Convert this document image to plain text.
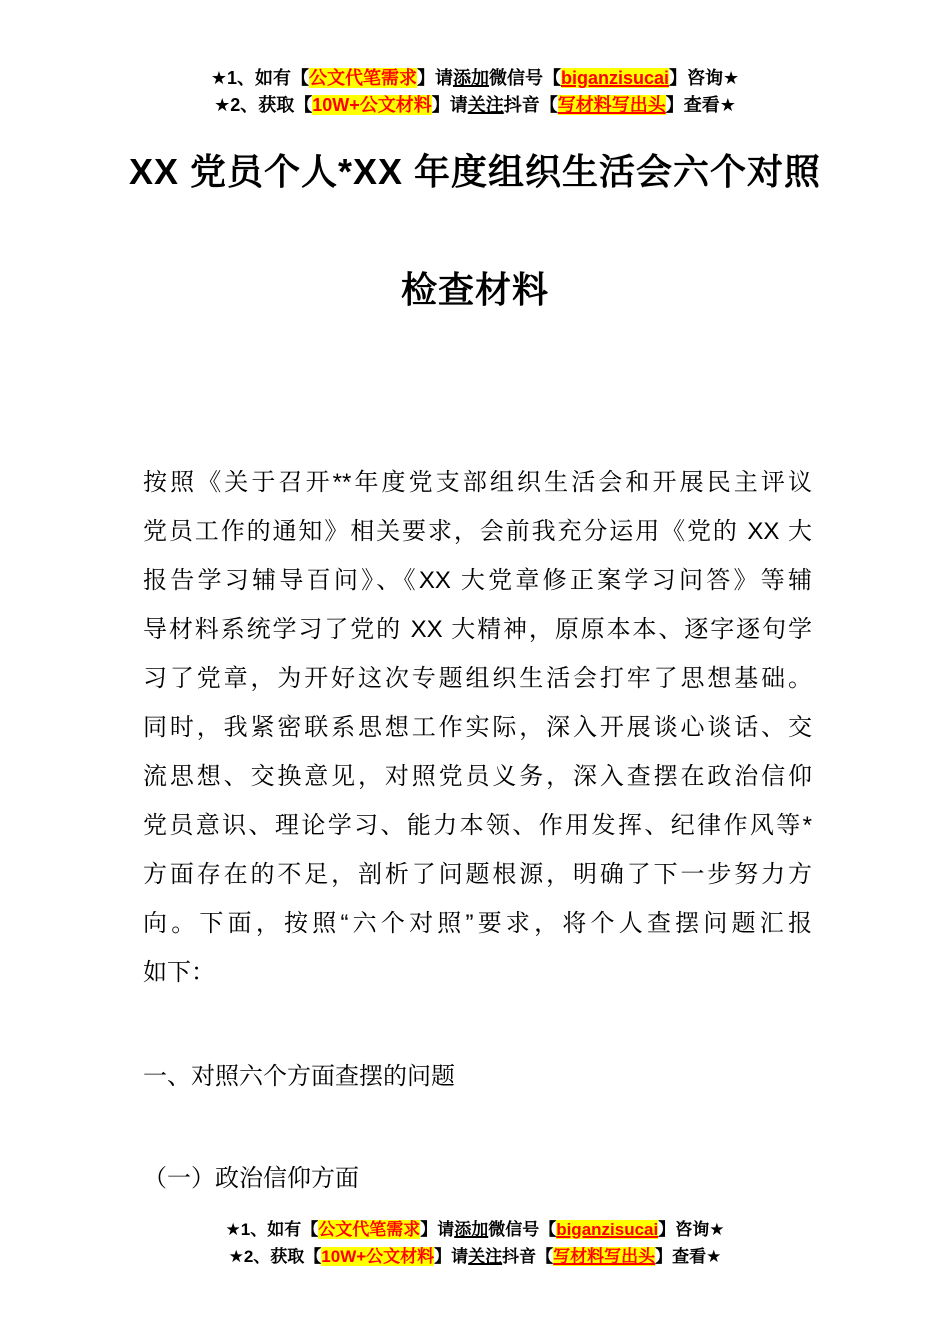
★1、如有【公文代笔需求】请添加微信号【biganzisucai】咨询★
★2、获取【10W+公文材料】请关注抖音【写材料写出头】查看★
XX 党员个人*XX 年度组织生活会六个对照
检查材料
按照《关于召开**年度党支部组织生活会和开展民主评议
党员工作的通知》相关要求，会前我充分运用《党的 XX 大
报告学习辅导百问》、《XX 大党章修正案学习问答》等辅
导材料系统学习了党的 XX 大精神，原原本本、逐字逐句学
习了党章，为开好这次专题组织生活会打牢了思想基础。
同时，我紧密联系思想工作实际，深入开展谈心谈话、交
流思想、交换意见，对照党员义务，深入查摆在政治信仰
党员意识、理论学习、能力本领、作用发挥、纪律作风等*
方面存在的不足，剖析了问题根源，明确了下一步努力方
向。下面，按照“六个对照”要求，将个人查摆问题汇报
如下：
一、对照六个方面查摆的问题
（一）政治信仰方面
★1、如有【公文代笔需求】请添加微信号【biganzisucai】咨询★
★2、获取【10W+公文材料】请关注抖音【写材料写出头】查看★
